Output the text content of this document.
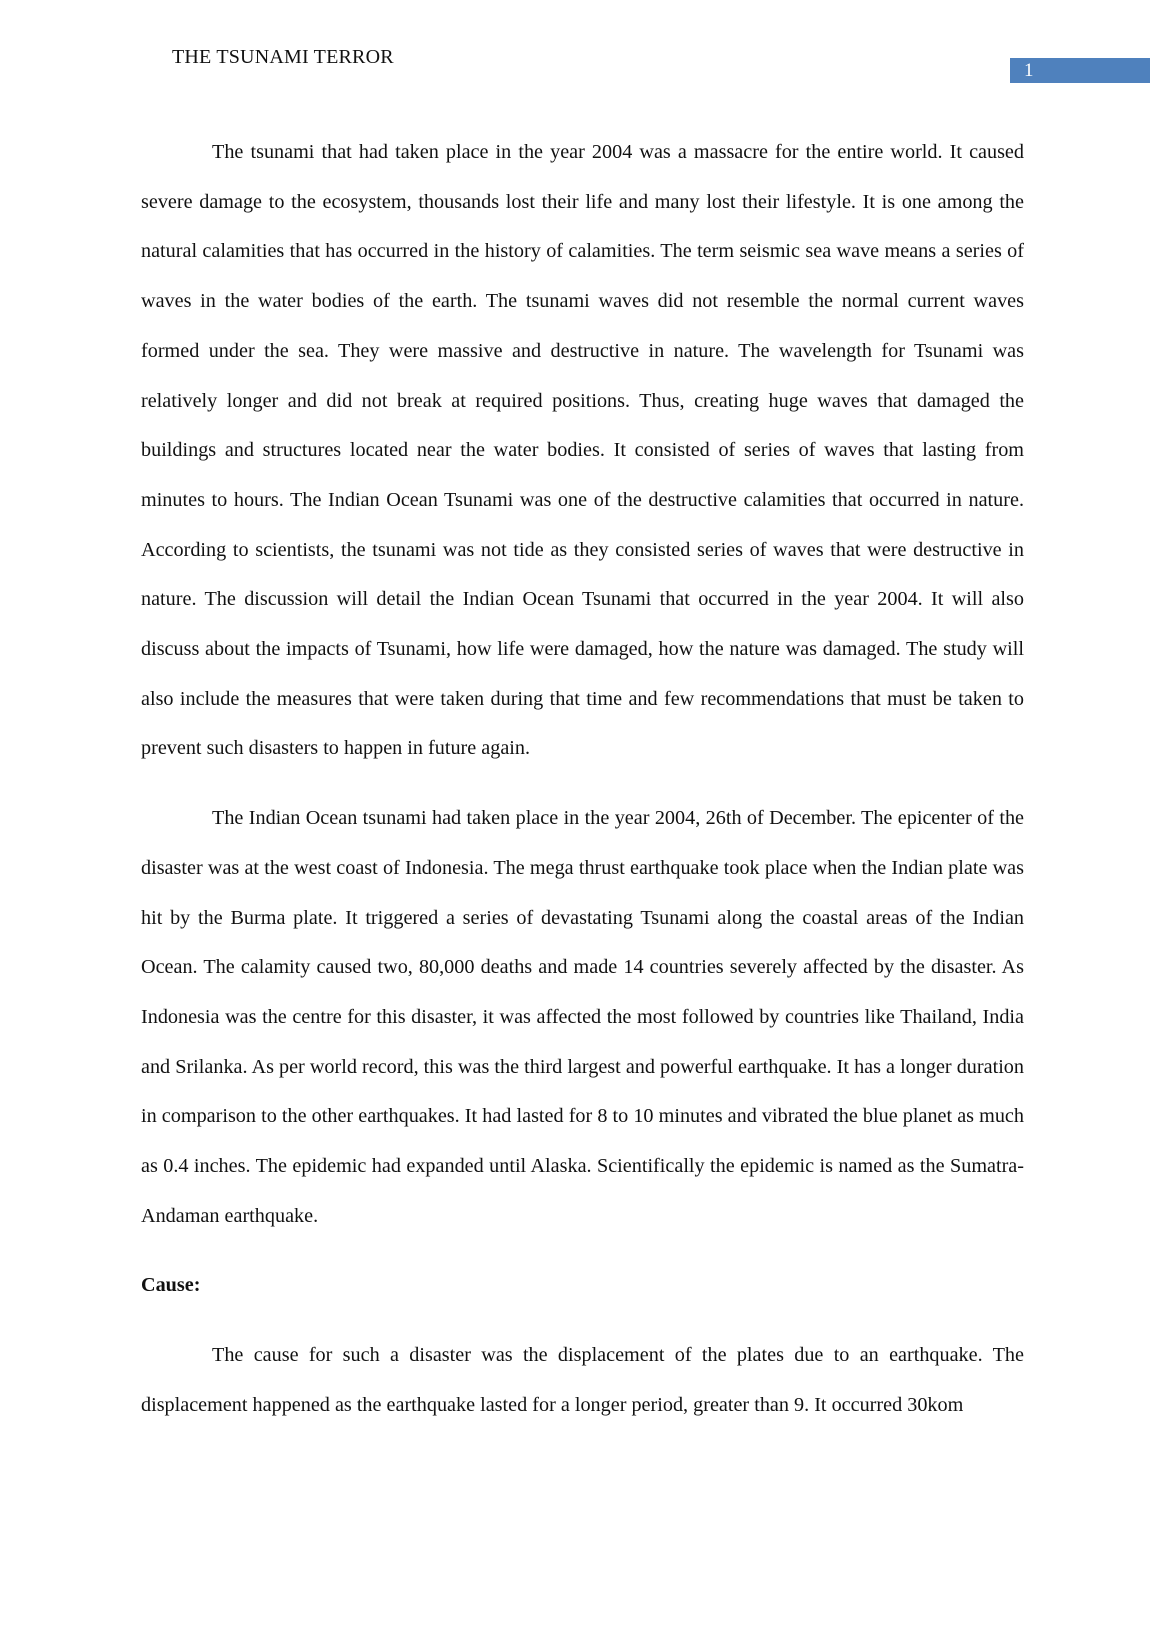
THE TSUNAMI TERROR
1

The tsunami that had taken place in the year 2004 was a massacre for the entire world. It caused severe damage to the ecosystem, thousands lost their life and many lost their lifestyle. It is one among the natural calamities that has occurred in the history of calamities. The term seismic sea wave means a series of waves in the water bodies of the earth. The tsunami waves did not resemble the normal current waves formed under the sea. They were massive and destructive in nature. The wavelength for Tsunami was relatively longer and did not break at required positions. Thus, creating huge waves that damaged the buildings and structures located near the water bodies. It consisted of series of waves that lasting from minutes to hours. The Indian Ocean Tsunami was one of the destructive calamities that occurred in nature. According to scientists, the tsunami was not tide as they consisted series of waves that were destructive in nature. The discussion will detail the Indian Ocean Tsunami that occurred in the year 2004. It will also discuss about the impacts of Tsunami, how life were damaged, how the nature was damaged. The study will also include the measures that were taken during that time and few recommendations that must be taken to prevent such disasters to happen in future again.

The Indian Ocean tsunami had taken place in the year 2004, 26th of December. The epicenter of the disaster was at the west coast of Indonesia. The mega thrust earthquake took place when the Indian plate was hit by the Burma plate. It triggered a series of devastating Tsunami along the coastal areas of the Indian Ocean. The calamity caused two, 80,000 deaths and made 14 countries severely affected by the disaster. As Indonesia was the centre for this disaster, it was affected the most followed by countries like Thailand, India and Srilanka. As per world record, this was the third largest and powerful earthquake. It has a longer duration in comparison to the other earthquakes. It had lasted for 8 to 10 minutes and vibrated the blue planet as much as 0.4 inches. The epidemic had expanded until Alaska. Scientifically the epidemic is named as the Sumatra-Andaman earthquake.

Cause:

The cause for such a disaster was the displacement of the plates due to an earthquake. The displacement happened as the earthquake lasted for a longer period, greater than 9. It occurred 30kom
